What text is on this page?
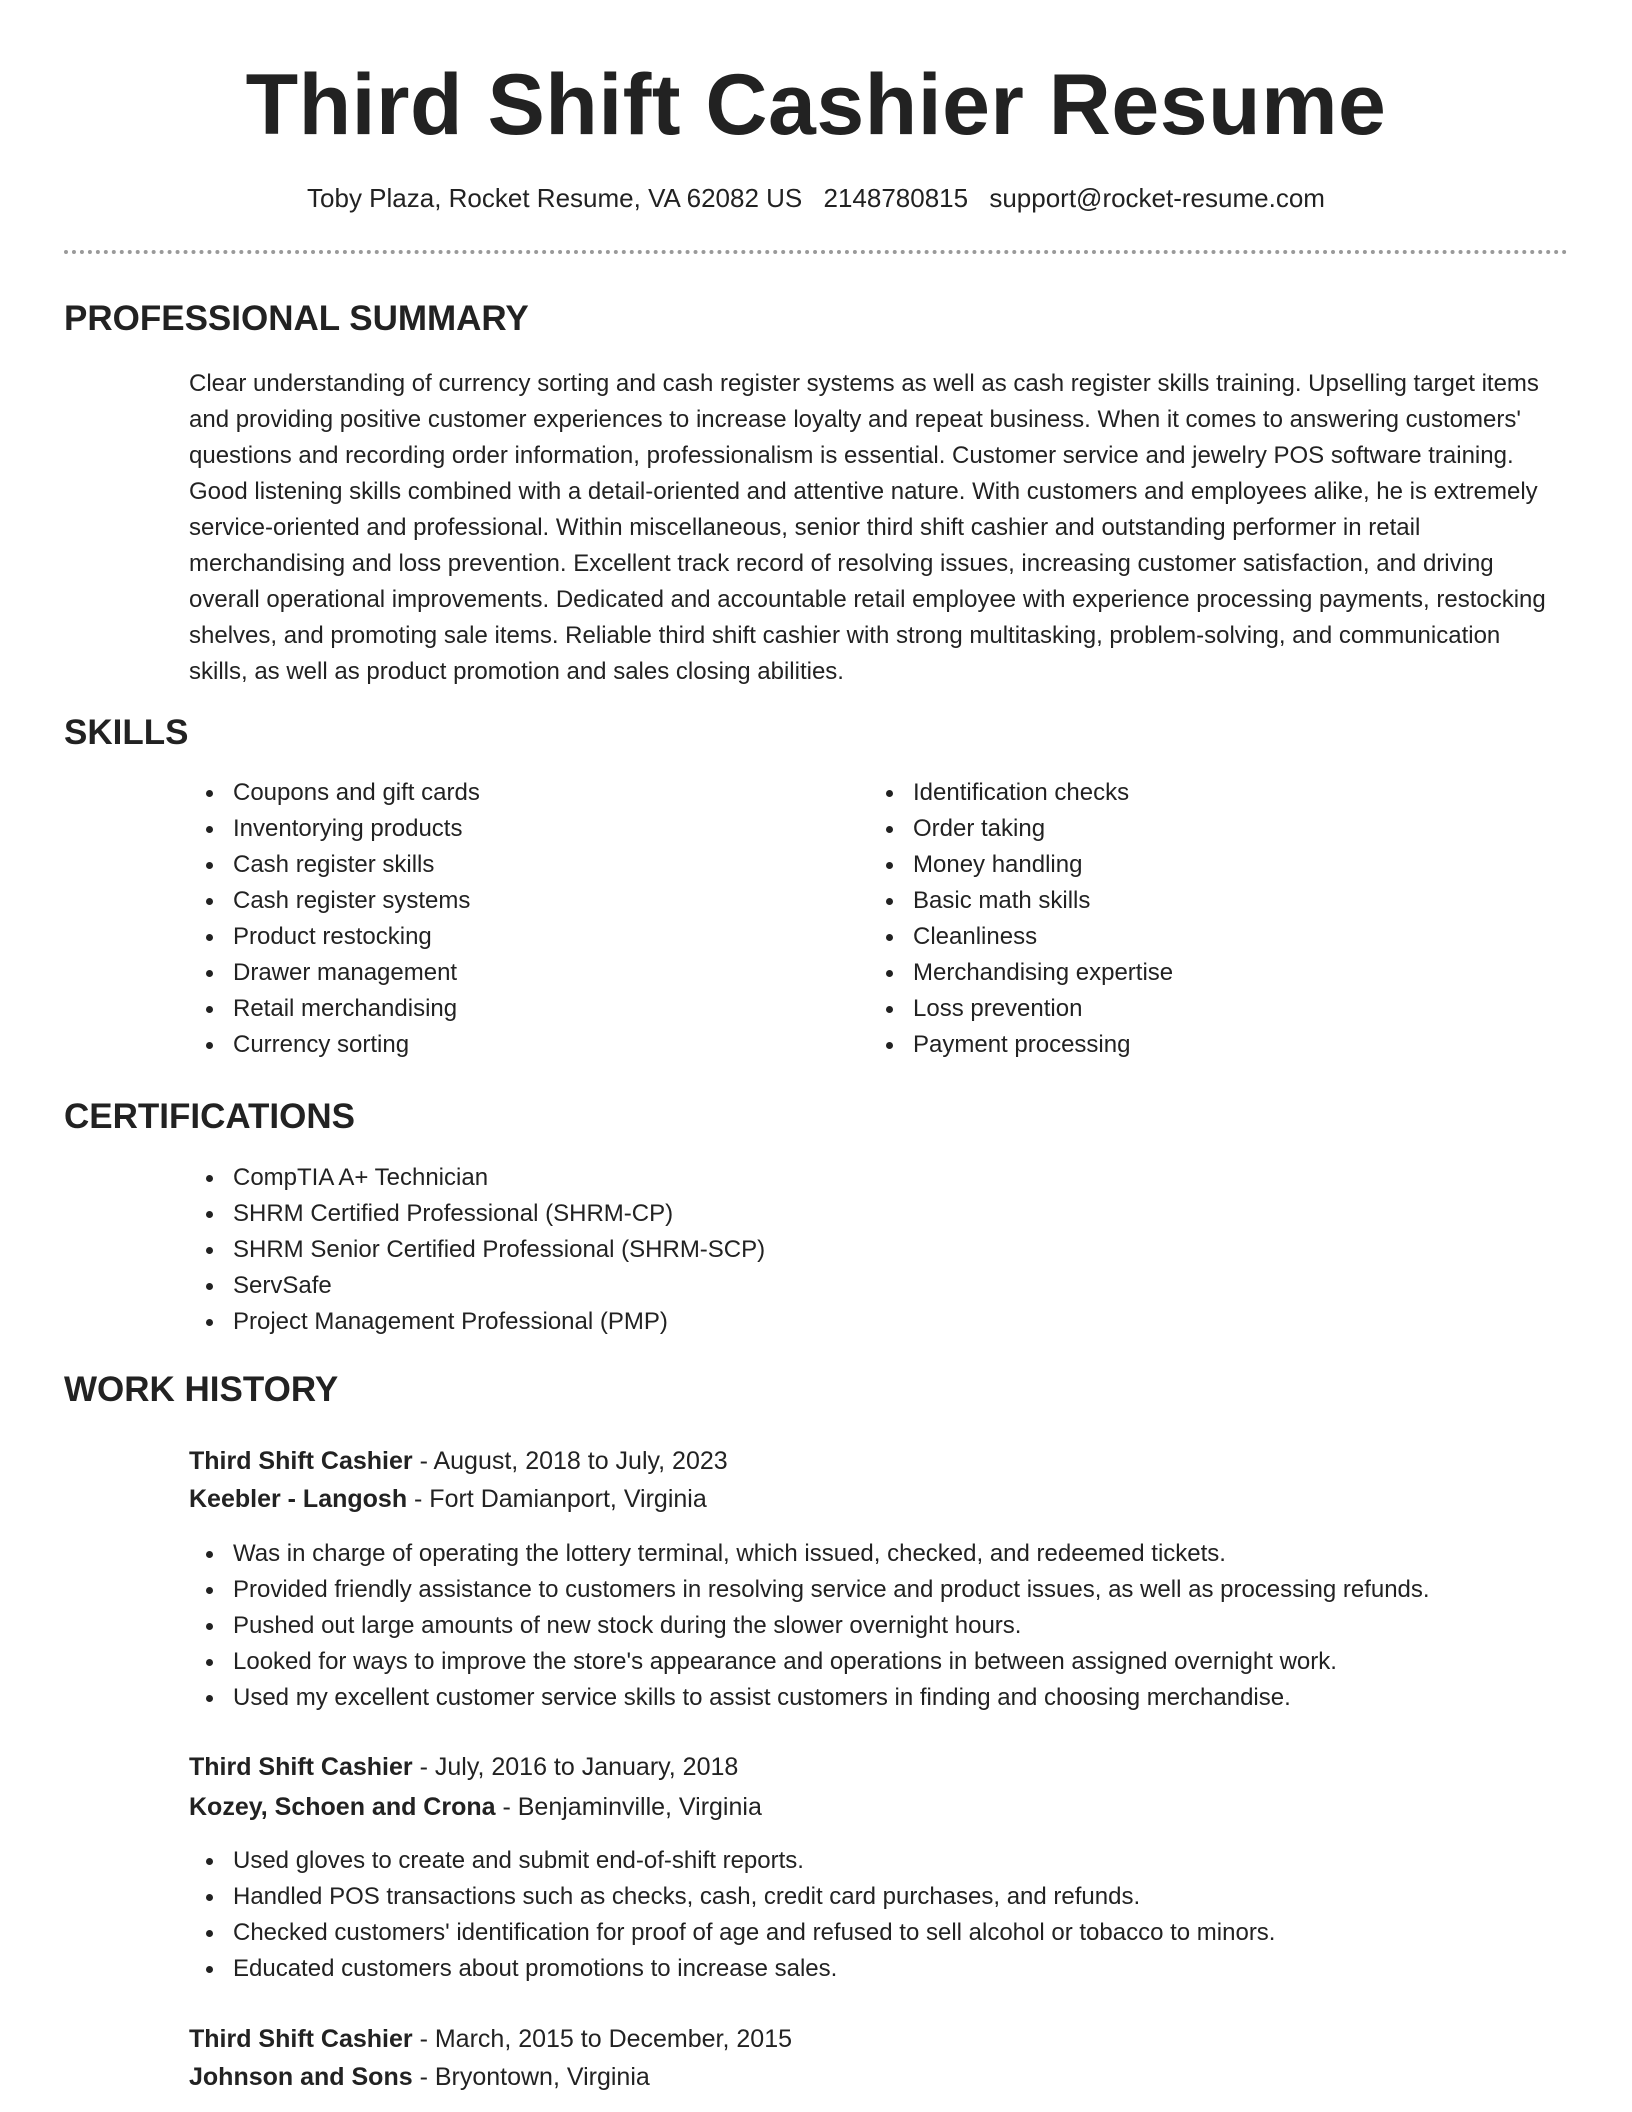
Third Shift Cashier Resume
Toby Plaza, Rocket Resume, VA 62082 US 2148780815 support@rocket-resume.com
PROFESSIONAL SUMMARY
Clear understanding of currency sorting and cash register systems as well as cash register skills training. Upselling target items and providing positive customer experiences to increase loyalty and repeat business. When it comes to answering customers' questions and recording order information, professionalism is essential. Customer service and jewelry POS software training. Good listening skills combined with a detail-oriented and attentive nature. With customers and employees alike, he is extremely service-oriented and professional. Within miscellaneous, senior third shift cashier and outstanding performer in retail merchandising and loss prevention. Excellent track record of resolving issues, increasing customer satisfaction, and driving overall operational improvements. Dedicated and accountable retail employee with experience processing payments, restocking shelves, and promoting sale items. Reliable third shift cashier with strong multitasking, problem-solving, and communication skills, as well as product promotion and sales closing abilities.
SKILLS
Coupons and gift cards
Inventorying products
Cash register skills
Cash register systems
Product restocking
Drawer management
Retail merchandising
Currency sorting
Identification checks
Order taking
Money handling
Basic math skills
Cleanliness
Merchandising expertise
Loss prevention
Payment processing
CERTIFICATIONS
CompTIA A+ Technician
SHRM Certified Professional (SHRM-CP)
SHRM Senior Certified Professional (SHRM-SCP)
ServSafe
Project Management Professional (PMP)
WORK HISTORY
Third Shift Cashier - August, 2018 to July, 2023
Keebler - Langosh - Fort Damianport, Virginia
Was in charge of operating the lottery terminal, which issued, checked, and redeemed tickets.
Provided friendly assistance to customers in resolving service and product issues, as well as processing refunds.
Pushed out large amounts of new stock during the slower overnight hours.
Looked for ways to improve the store's appearance and operations in between assigned overnight work.
Used my excellent customer service skills to assist customers in finding and choosing merchandise.
Third Shift Cashier - July, 2016 to January, 2018
Kozey, Schoen and Crona - Benjaminville, Virginia
Used gloves to create and submit end-of-shift reports.
Handled POS transactions such as checks, cash, credit card purchases, and refunds.
Checked customers' identification for proof of age and refused to sell alcohol or tobacco to minors.
Educated customers about promotions to increase sales.
Third Shift Cashier - March, 2015 to December, 2015
Johnson and Sons - Bryontown, Virginia
